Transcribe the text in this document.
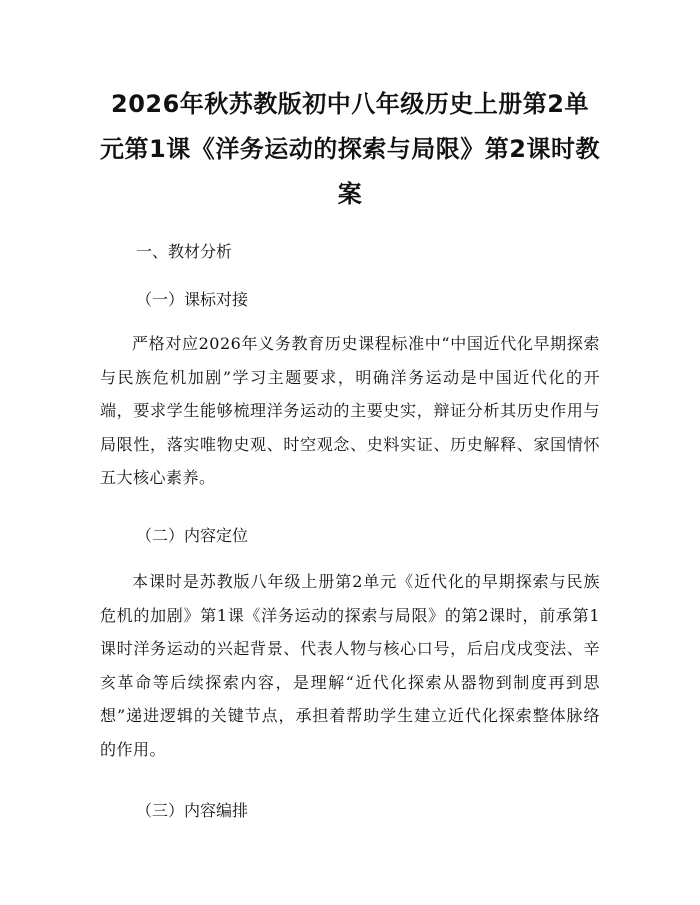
2026年秋苏教版初中八年级历史上册第2单元第1课《洋务运动的探索与局限》第2课时教案
一、教材分析
（一）课标对接

严格对应2026年义务教育历史课程标准中“中国近代化早期探索与民族危机加剧”学习主题要求，明确洋务运动是中国近代化的开端，要求学生能够梳理洋务运动的主要史实，辩证分析其历史作用与局限性，落实唯物史观、时空观念、史料实证、历史解释、家国情怀五大核心素养。

（二）内容定位

本课时是苏教版八年级上册第2单元《近代化的早期探索与民族危机的加剧》第1课《洋务运动的探索与局限》的第2课时，前承第1课时洋务运动的兴起背景、代表人物与核心口号，后启戊戌变法、辛亥革命等后续探索内容，是理解“近代化探索从器物到制度再到思想”递进逻辑的关键节点，承担着帮助学生建立近代化探索整体脉络的作用。

（三）内容编排
